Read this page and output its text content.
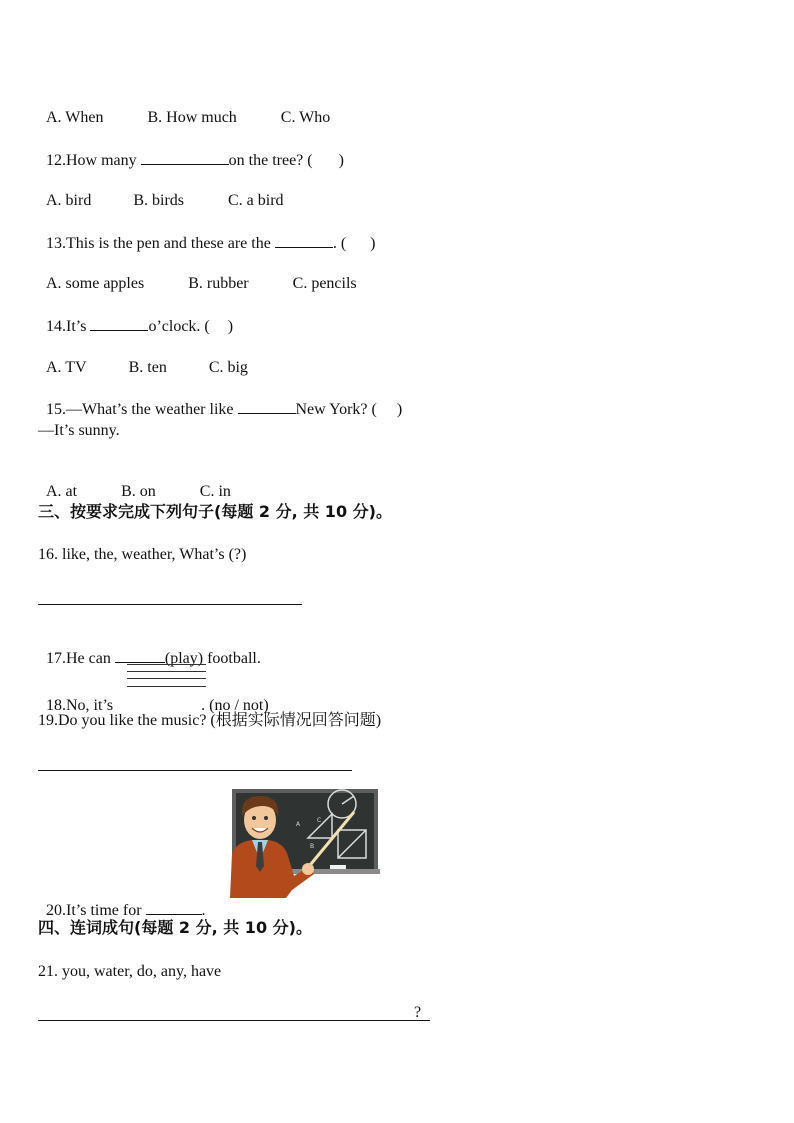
A. When	B. How much	C. Who

12.How many	on the tree? ( )

A. bird	B. birds	C. a bird

13.This is the pen and these are the	. ( )

A. some apples	B. rubber	C. pencils

14.It’s	o’clock. ( )

A. TV	B. ten	C. big

15.—What’s the weather like	New York? ( )

—It’s sunny.

A. at	B. on	C. in

三、按要求完成下列句子(每题 2 分, 共 10 分)。
16. like, the, weather, What’s (?)

17.He can	(play) football.

18.No, it’s	. (no / not)

19.Do you like the music? (根据实际情况回答问题)
A
C
B

20.It’s time for	.

四、连词成句(每题 2 分, 共 10 分)。
21. you, water, do, any, have
?
